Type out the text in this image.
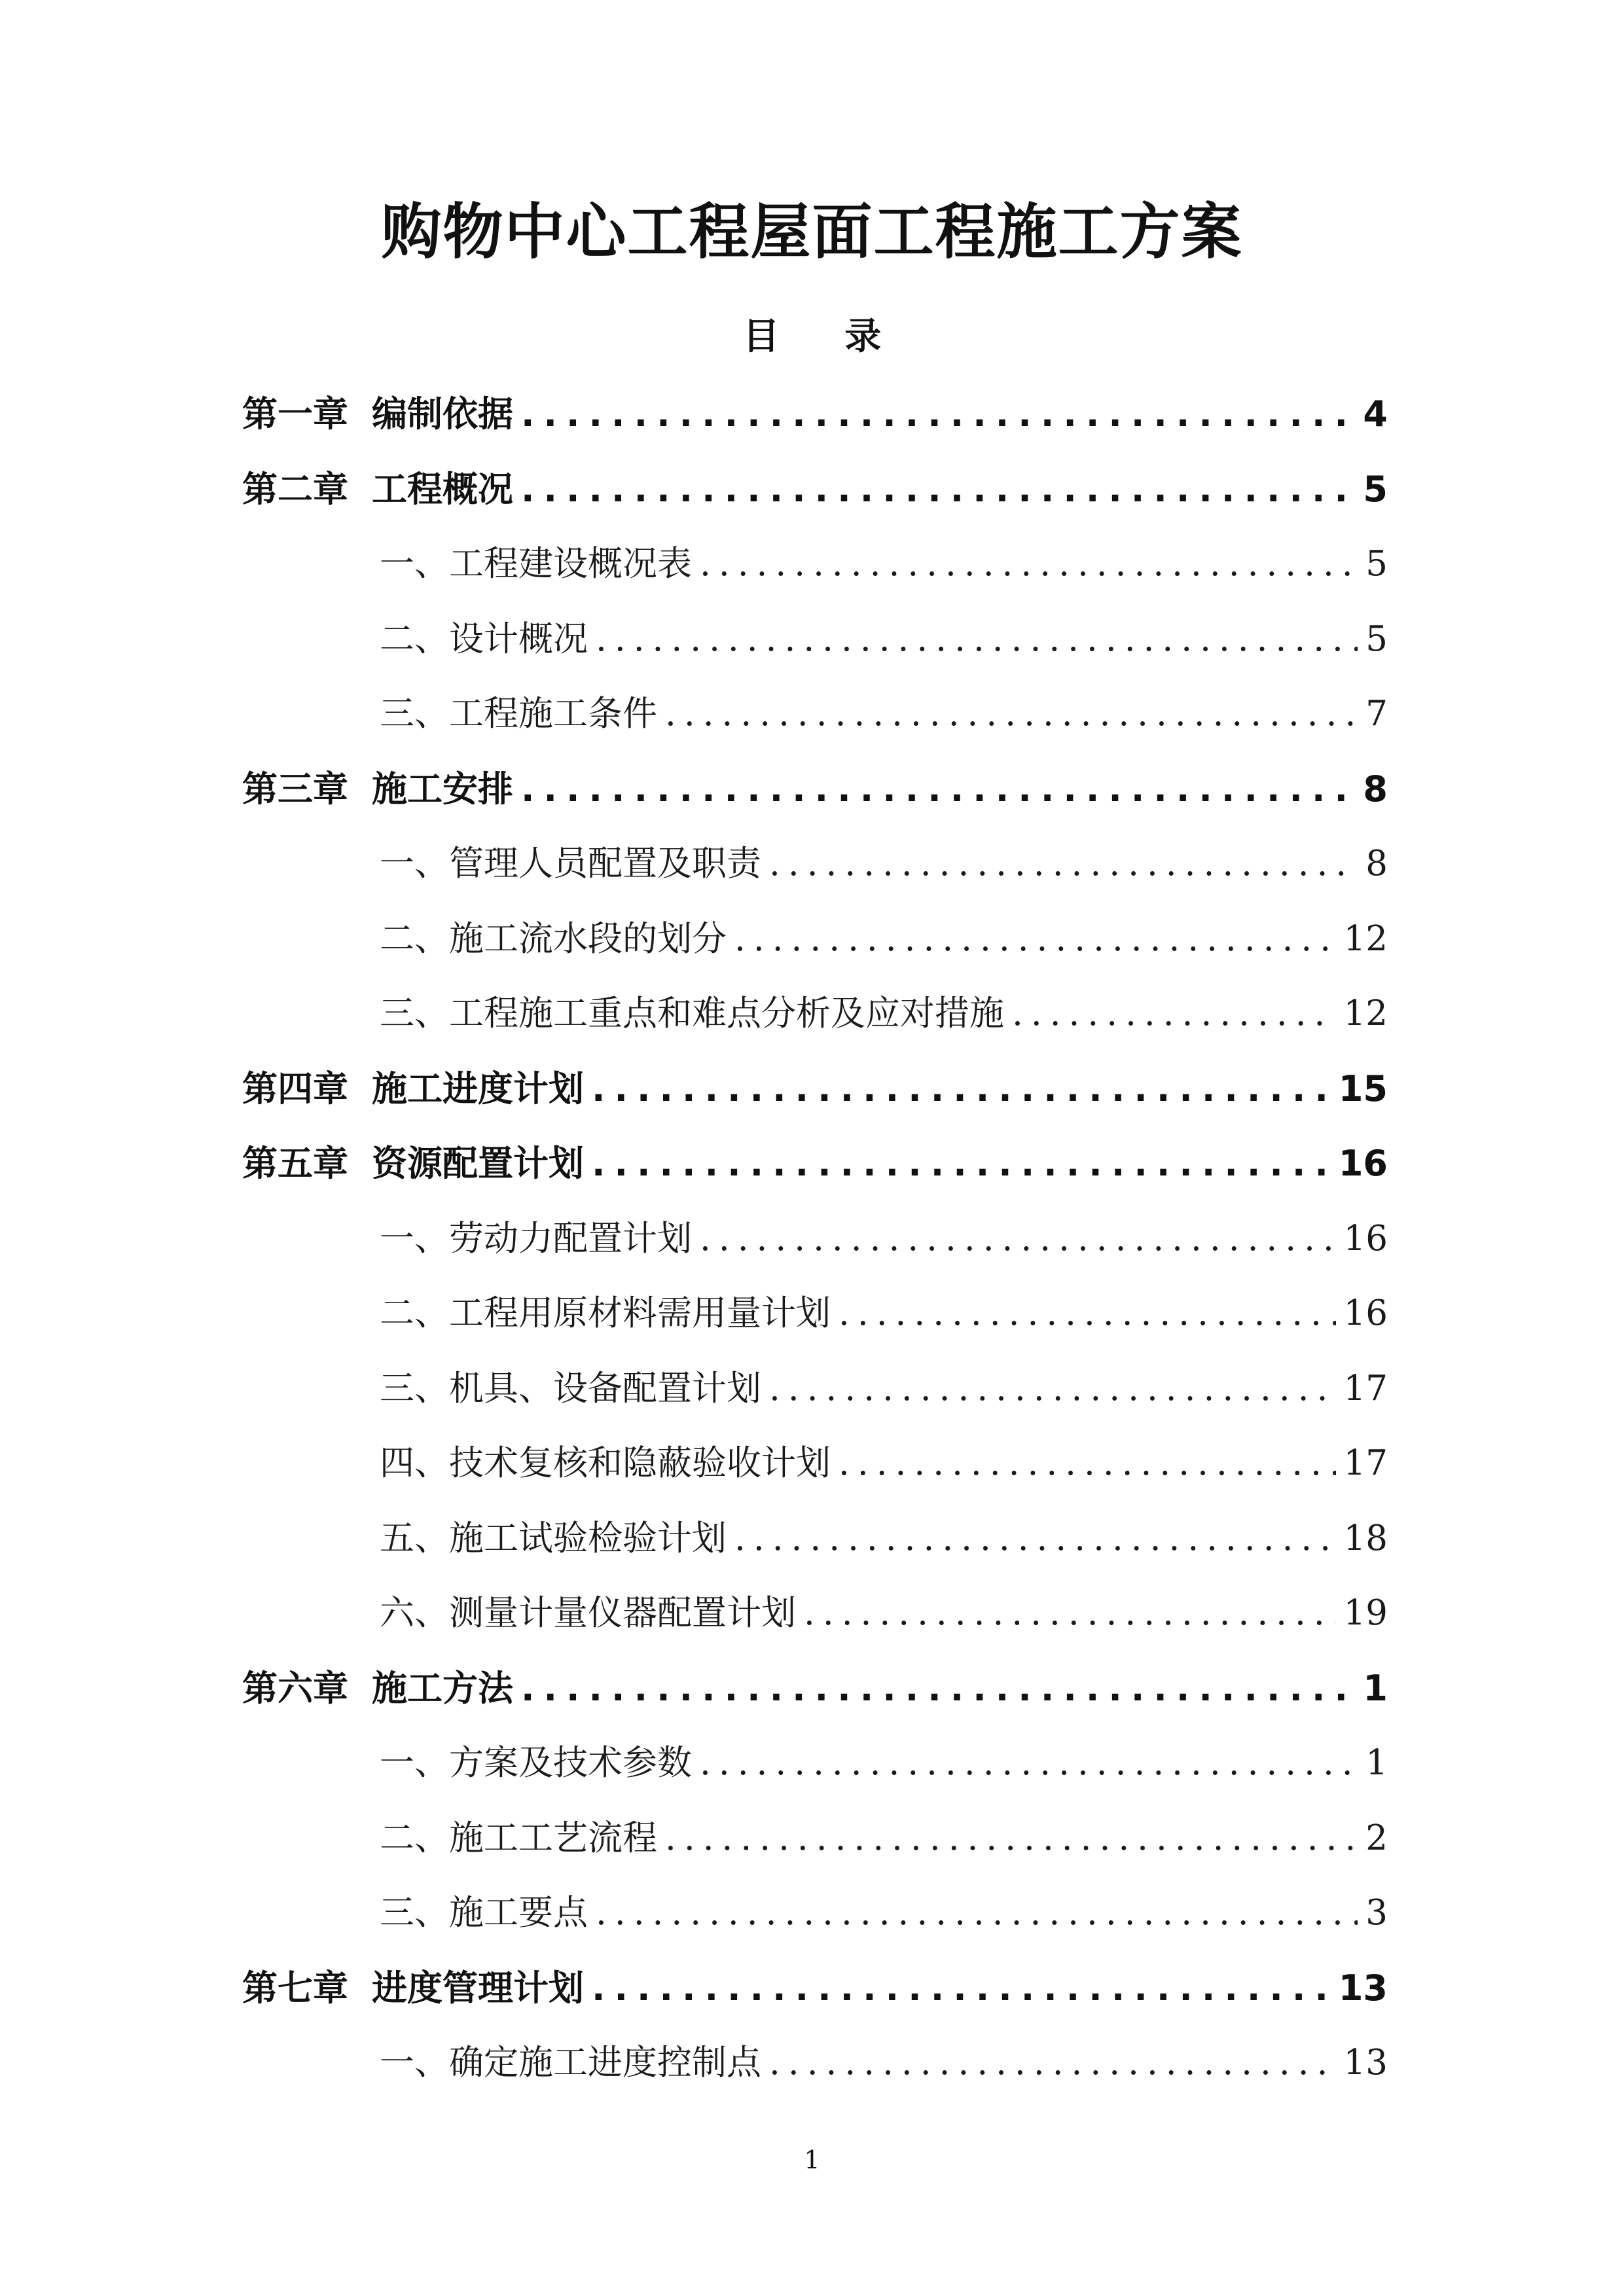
购物中心工程屋面工程施工方案
目 录
第一章 编制依据 .....	4
第二章 工程概况 .....	5
一、工程建设概况表 .....	5
二、设计概况 .....	5
三、工程施工条件 .....	7
第三章 施工安排 .....	8
一、管理人员配置及职责 .....	8
二、施工流水段的划分 .....	12
三、工程施工重点和难点分析及应对措施 .....	12
第四章 施工进度计划 .....	15
第五章 资源配置计划 .....	16
一、劳动力配置计划 .....	16
二、工程用原材料需用量计划 .....	16
三、机具、设备配置计划 .....	17
四、技术复核和隐蔽验收计划 .....	17
五、施工试验检验计划 .....	18
六、测量计量仪器配置计划 .....	19
第六章 施工方法 .....	1
一、方案及技术参数 .....	1
二、施工工艺流程 .....	2
三、施工要点 .....	3
第七章 进度管理计划 .....	13
一、确定施工进度控制点 .....	13
1
